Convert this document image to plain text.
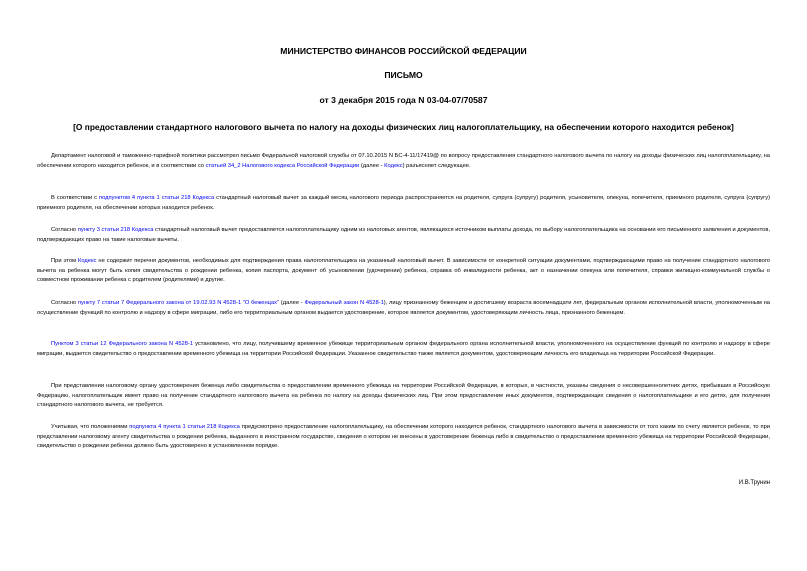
МИНИСТЕРСТВО ФИНАНСОВ РОССИЙСКОЙ ФЕДЕРАЦИИ
ПИСЬМО
от 3 декабря 2015 года N 03-04-07/70587
[О предоставлении стандартного налогового вычета по налогу на доходы физических лиц налогоплательщику, на обеспечении которого находится ребенок]

Департамент налоговой и таможенно-тарифной политики рассмотрел письмо Федеральной налоговой службы от 07.10.2015 N БС-4-11/17419@ по вопросу предоставления стандартного налогового вычета по налогу на доходы физических лиц налогоплательщику, на обеспечении которого находится ребенок, и в соответствии со статьей 34_2 Налогового кодекса Российской Федерации (далее - Кодекс) разъясняет следующее.

В соответствии с подпунктом 4 пункта 1 статьи 218 Кодекса стандартный налоговый вычет за каждый месяц налогового периода распространяется на родителя, супруга (супругу) родителя, усыновителя, опекуна, попечителя, приемного родителя, супруга (супругу) приемного родителя, на обеспечении которых находится ребенок.

Согласно пункту 3 статьи 218 Кодекса стандартный налоговый вычет предоставляется налогоплательщику одним из налоговых агентов, являющихся источником выплаты дохода, по выбору налогоплательщика на основании его письменного заявления и документов, подтверждающих право на такие налоговые вычеты.

При этом Кодекс не содержит перечня документов, необходимых для подтверждения права налогоплательщика на указанный налоговый вычет. В зависимости от конкретной ситуации документами, подтверждающими право на получение стандартного налогового вычета на ребенка могут быть копия свидетельства о рождении ребенка, копия паспорта, документ об усыновлении (удочерении) ребенка, справка об инвалидности ребенка, акт о назначении опекуна или попечителя, справки жилищно-коммунальной службы о совместном проживании ребенка с родителем (родителями) и другие.

Согласно пункту 7 статьи 7 Федерального закона от 19.02.93 N 4528-1 "О беженцах" (далее - Федеральный закон N 4528-1), лицу признанному беженцем и достигшему возраста восемнадцати лет, федеральным органом исполнительной власти, уполномоченным на осуществление функций по контролю и надзору в сфере миграции, либо его территориальным органом выдается удостоверение, которое является документом, удостоверяющим личность лица, признанного беженцем.

Пунктом 3 статьи 12 Федерального закона N 4528-1 установлено, что лицу, получившему временное убежище территориальным органом федерального органа исполнительной власти, уполномоченного на осуществление функций по контролю и надзору в сфере миграции, выдается свидетельство о предоставлении временного убежища на территории Российской Федерации. Указанное свидетельство также является документом, удостоверяющим личность его владельца на территории Российской Федерации.

При представлении налоговому органу удостоверения беженца либо свидетельства о предоставлении временного убежища на территории Российской Федерации, в которых, в частности, указаны сведения о несовершеннолетних детях, прибывших в Российскую Федерацию, налогоплательщик имеет право на получение стандартного налогового вычета на ребенка по налогу на доходы физических лиц. При этом предоставление иных документов, подтверждающих сведения о налогоплательщике и его детях, для получения стандартного налогового вычета, не требуется.

Учитывая, что положениями подпункта 4 пункта 1 статьи 218 Кодекса предусмотрено предоставление налогоплательщику, на обеспечении которого находится ребенок, стандартного налогового вычета в зависимости от того каким по счету является ребенок, то при представлении налоговому агенту свидетельства о рождении ребенка, выданного в иностранном государстве, сведения о котором не внесены в удостоверение беженца либо в свидетельство о предоставлении временного убежища на территории Российской Федерации, свидетельство о рождении ребенка должно быть удостоверено в установленном порядке.

И.В.Трунин
